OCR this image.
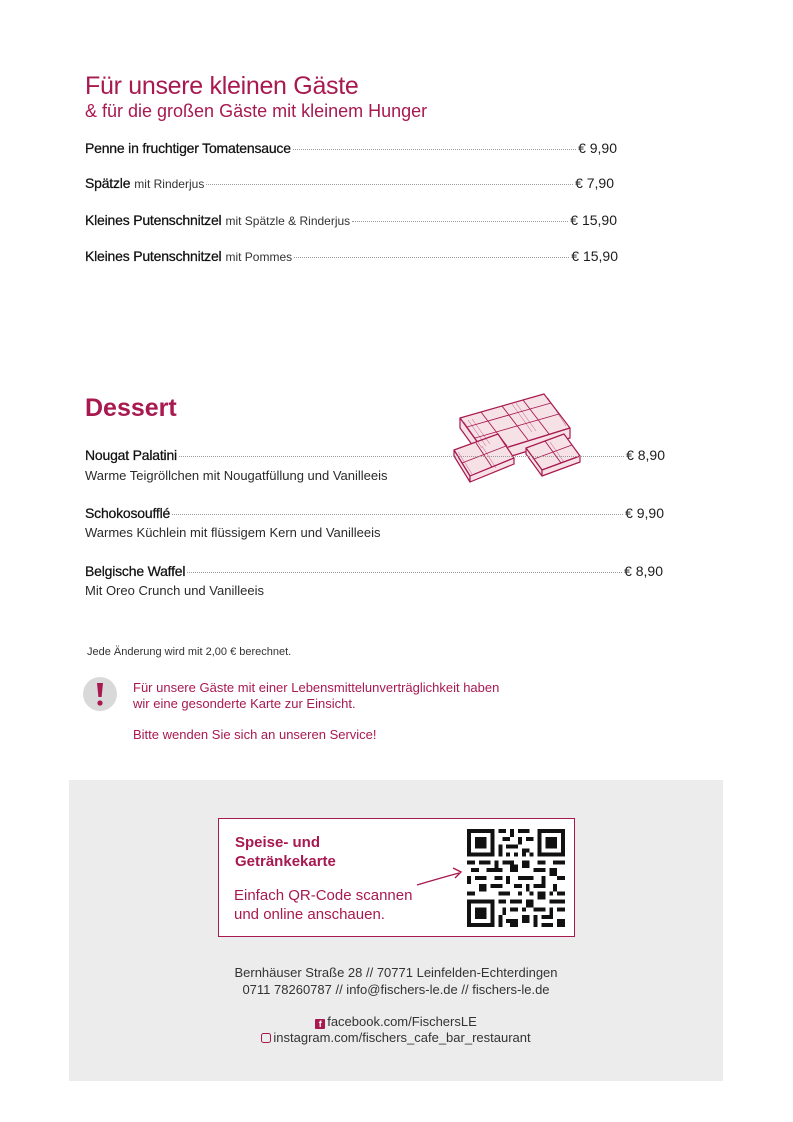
Für unsere kleinen Gäste
& für die großen Gäste mit kleinem Hunger
Penne in fruchtiger Tomatensauce	€ 9,90
Spätzle mit Rinderjus	€ 7,90
Kleines Putenschnitzel mit Spätzle & Rinderjus	€ 15,90
Kleines Putenschnitzel mit Pommes	€ 15,90
Dessert
Nougat Palatini	€ 8,90
Warme Teigröllchen mit Nougatfüllung und Vanilleeis
Schokosoufflé	€ 9,90
Warmes Küchlein mit flüssigem Kern und Vanilleeis
Belgische Waffel	€ 8,90
Mit Oreo Crunch und Vanilleeis
Jede Änderung wird mit 2,00 € berechnet.
Für unsere Gäste mit einer Lebensmittelunverträglichkeit haben
wir eine gesonderte Karte zur Einsicht.
Bitte wenden Sie sich an unseren Service!
Bernhäuser Straße 28 // 70771 Leinfelden-Echterdingen
0711 78260787 // info@fischers-le.de // fischers-le.de
f facebook.com/FischersLE
instagram.com/fischers_cafe_bar_restaurant
Speise- und
Getränkekarte
Einfach QR-Code scannen
und online anschauen.
